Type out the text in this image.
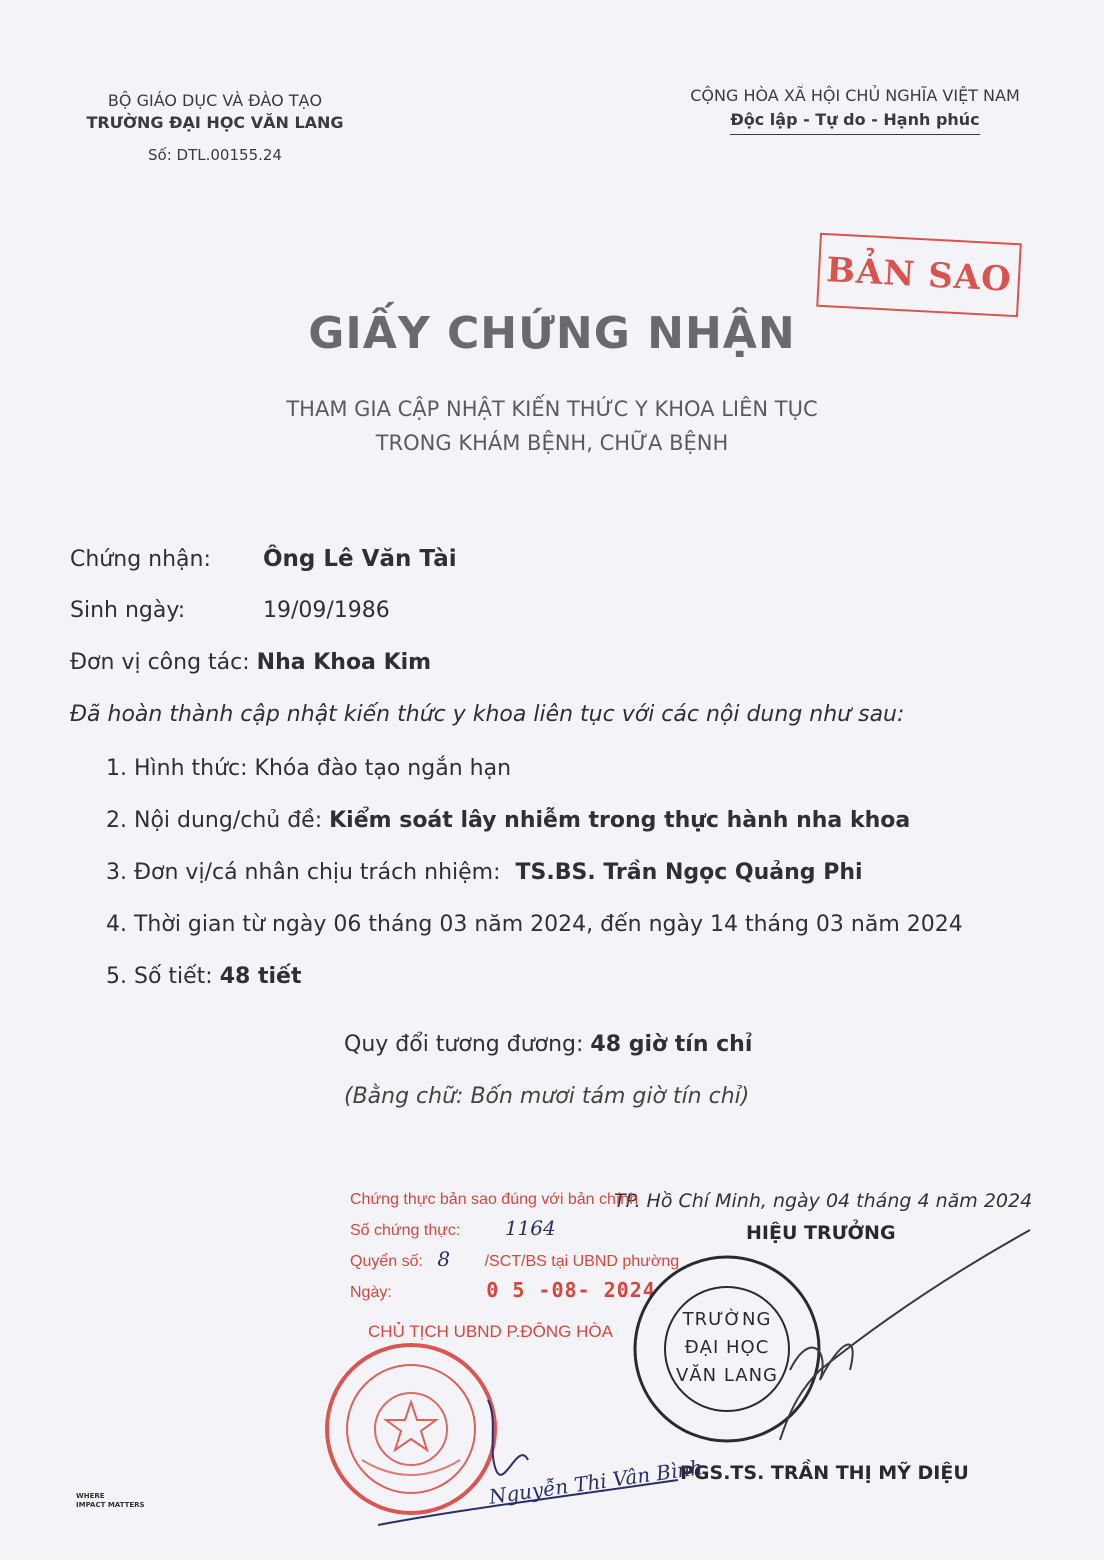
BỘ GIÁO DỤC VÀ ĐÀO TẠO
TRƯỜNG ĐẠI HỌC VĂN LANG
Số: DTL.00155.24
CỘNG HÒA XÃ HỘI CHỦ NGHĨA VIỆT NAM
Độc lập - Tự do - Hạnh phúc
BẢN SAO
GIẤY CHỨNG NHẬN
THAM GIA CẬP NHẬT KIẾN THỨC Y KHOA LIÊN TỤC
TRONG KHÁM BỆNH, CHỮA BỆNH
Chứng nhận: Ông Lê Văn Tài
Sinh ngày:	19/09/1986
Đơn vị công tác: Nha Khoa Kim
Đã hoàn thành cập nhật kiến thức y khoa liên tục với các nội dung như sau:
1. Hình thức: Khóa đào tạo ngắn hạn
2. Nội dung/chủ đề: Kiểm soát lây nhiễm trong thực hành nha khoa
3. Đơn vị/cá nhân chịu trách nhiệm: TS.BS. Trần Ngọc Quảng Phi
4. Thời gian từ ngày 06 tháng 03 năm 2024, đến ngày 14 tháng 03 năm 2024
5. Số tiết: 48 tiết
Quy đổi tương đương: 48 giờ tín chỉ
(Bằng chữ: Bốn mươi tám giờ tín chỉ)
TP. Hồ Chí Minh, ngày 04 tháng 4 năm 2024
HIỆU TRƯỞNG
PGS.TS. TRẦN THỊ MỸ DIỆU
Chứng thực bản sao đúng với bản chính
Số chứng thực: 1164
Quyển số: 8 /SCT/BS tại UBND phường
Ngày:	0 5 -08- 2024
CHỦ TỊCH UBND P.ĐÔNG HÒA
Nguyễn Thị Vân Bình
TRƯỜNG
ĐẠI HỌC
VĂN LANG
WHERE
IMPACT MATTERS
